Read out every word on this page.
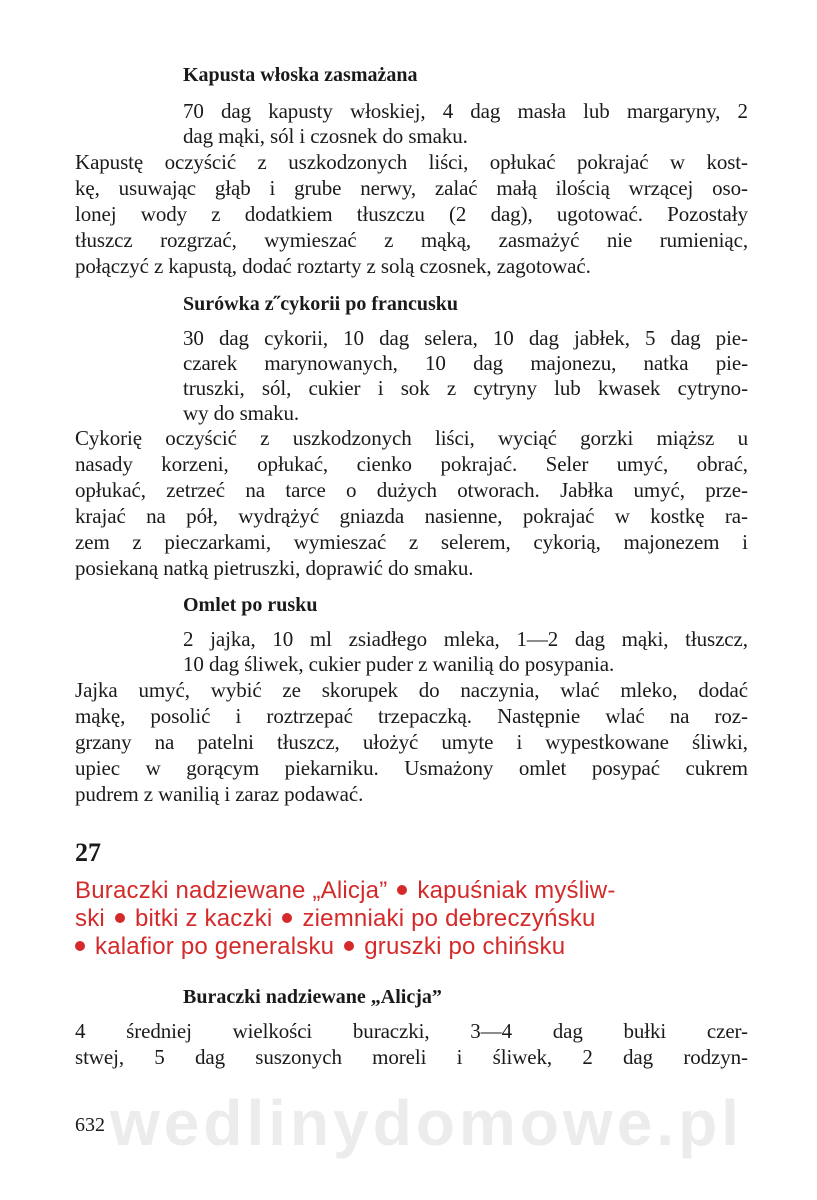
Kapusta włoska zasmażana
70 dag kapusty włoskiej, 4 dag masła lub margaryny, 2
dag mąki, sól i czosnek do smaku.
Kapustę oczyścić z uszkodzonych liści, opłukać pokrajać w kost-
kę, usuwając głąb i grube nerwy, zalać małą ilością wrzącej oso-
lonej wody z dodatkiem tłuszczu (2 dag), ugotować. Pozostały
tłuszcz rozgrzać, wymieszać z mąką, zasmażyć nie rumieniąc,
połączyć z kapustą, dodać roztarty z solą czosnek, zagotować.
Surówka z˝cykorii po francusku
30 dag cykorii, 10 dag selera, 10 dag jabłek, 5 dag pie-
czarek marynowanych, 10 dag majonezu, natka pie-
truszki, sól, cukier i sok z cytryny lub kwasek cytryno-
wy do smaku.
Cykorię oczyścić z uszkodzonych liści, wyciąć gorzki miąższ u
nasady korzeni, opłukać, cienko pokrajać. Seler umyć, obrać,
opłukać, zetrzeć na tarce o dużych otworach. Jabłka umyć, prze-
krajać na pół, wydrążyć gniazda nasienne, pokrajać w kostkę ra-
zem z pieczarkami, wymieszać z selerem, cykorią, majonezem i
posiekaną natką pietruszki, doprawić do smaku.
Omlet po rusku
2 jajka, 10 ml zsiadłego mleka, 1—2 dag mąki, tłuszcz,
10 dag śliwek, cukier puder z wanilią do posypania.
Jajka umyć, wybić ze skorupek do naczynia, wlać mleko, dodać
mąkę, posolić i roztrzepać trzepaczką. Następnie wlać na roz-
grzany na patelni tłuszcz, ułożyć umyte i wypestkowane śliwki,
upiec w gorącym piekarniku. Usmażony omlet posypać cukrem
pudrem z wanilią i zaraz podawać.
27
Buraczki nadziewane „Alicja” kapuśniak myśliw-
ski bitki z kaczki ziemniaki po debreczyńsku
kalafior po generalsku gruszki po chińsku
Buraczki nadziewane „Alicja”
4 średniej wielkości buraczki, 3—4 dag bułki czer-
stwej, 5 dag suszonych moreli i śliwek, 2 dag rodzyn-
wedlinydomowe.pl
632
